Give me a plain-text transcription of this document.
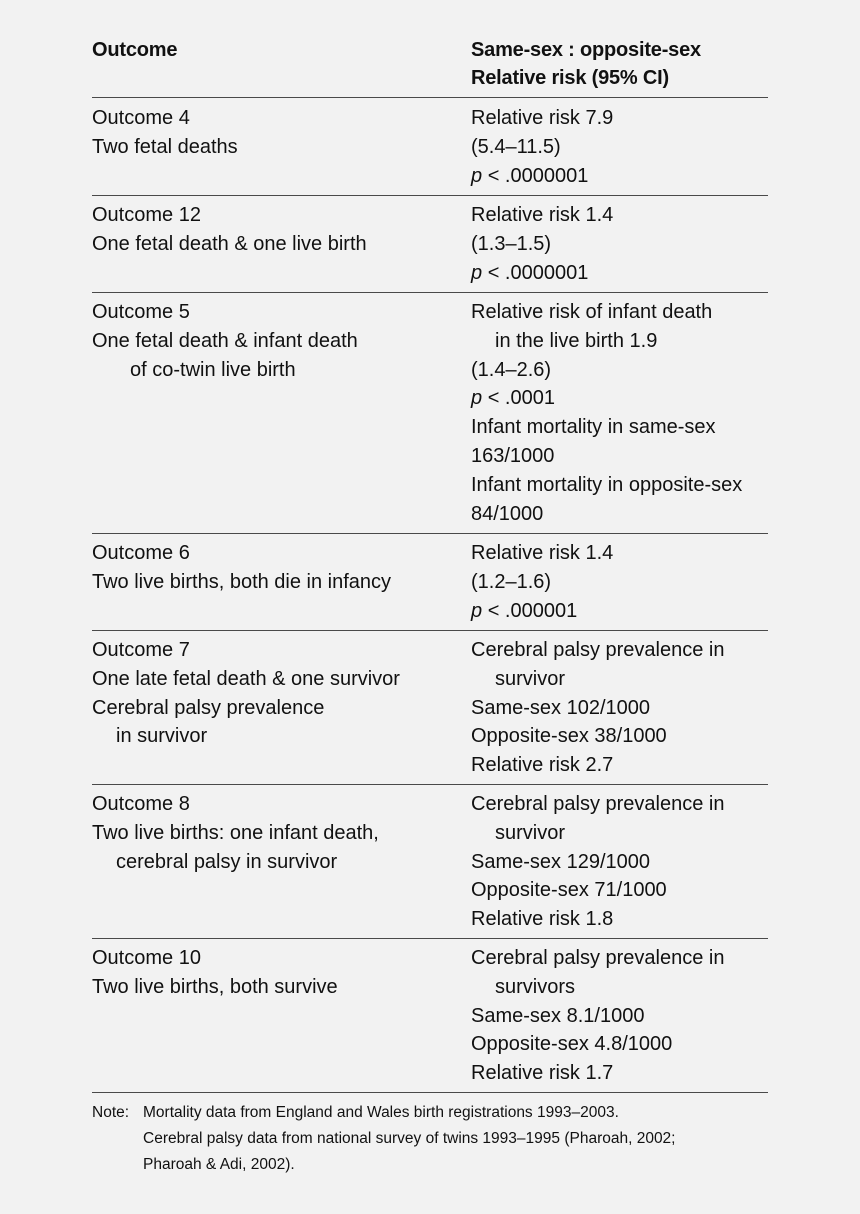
Outcome	Same-sex : opposite-sex
Relative risk (95% CI)
Outcome 4
Two fetal deaths
Relative risk 7.9
(5.4–11.5)
p < .0000001
Outcome 12
One fetal death & one live birth
Relative risk 1.4
(1.3–1.5)
p < .0000001
Outcome 5
One fetal death & infant death
of co-twin live birth
Relative risk of infant death
in the live birth 1.9
(1.4–2.6)
p < .0001
Infant mortality in same-sex
163/1000
Infant mortality in opposite-sex
84/1000
Outcome 6
Two live births, both die in infancy
Relative risk 1.4
(1.2–1.6)
p < .000001
Outcome 7
One late fetal death & one survivor
Cerebral palsy prevalence
in survivor
Cerebral palsy prevalence in
survivor
Same-sex 102/1000
Opposite-sex 38/1000
Relative risk 2.7
Outcome 8
Two live births: one infant death,
cerebral palsy in survivor
Cerebral palsy prevalence in
survivor
Same-sex 129/1000
Opposite-sex 71/1000
Relative risk 1.8
Outcome 10
Two live births, both survive
Cerebral palsy prevalence in
survivors
Same-sex 8.1/1000
Opposite-sex 4.8/1000
Relative risk 1.7
Note: Mortality data from England and Wales birth registrations 1993–2003.
Cerebral palsy data from national survey of twins 1993–1995 (Pharoah, 2002;
Pharoah & Adi, 2002).
